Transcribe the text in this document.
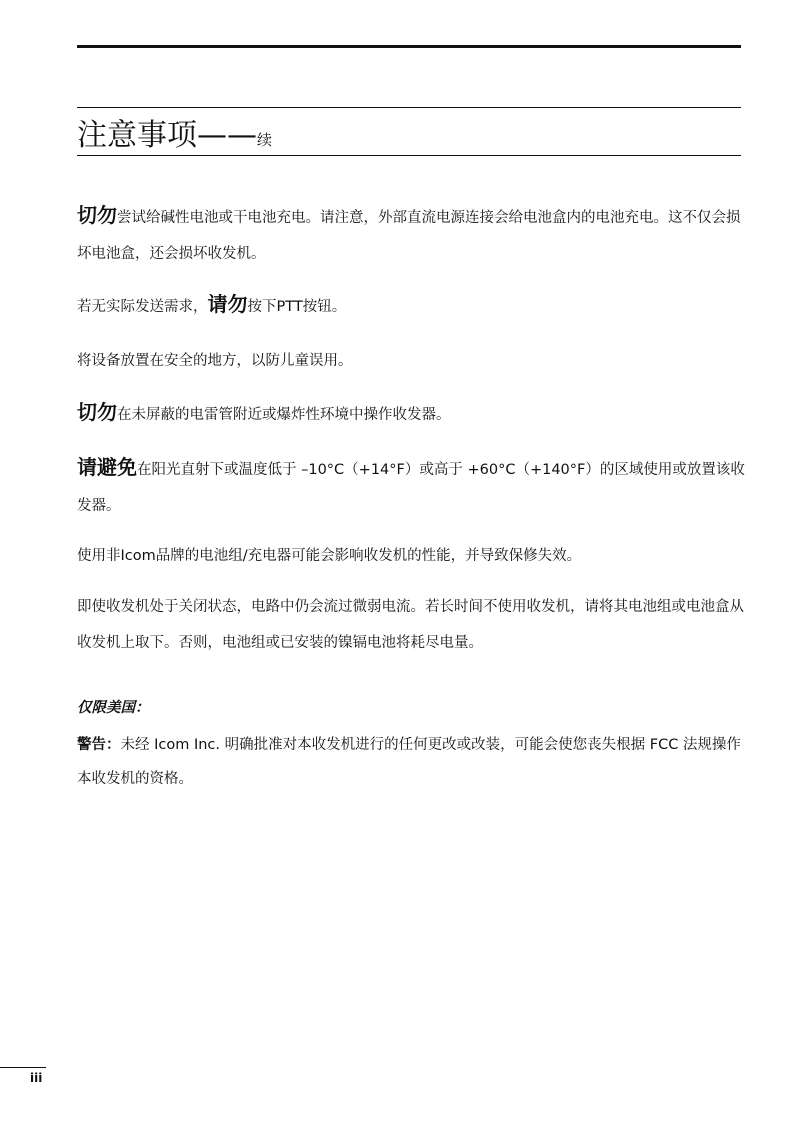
注意事项——续

切勿尝试给碱性电池或干电池充电。请注意，外部直流电源连接会给电池盒内的电池充电。这不仅会损坏电池盒，还会损坏收发机。

若无实际发送需求，请勿按下PTT按钮。

将设备放置在安全的地方，以防儿童误用。

切勿在未屏蔽的电雷管附近或爆炸性环境中操作收发器。

请避免在阳光直射下或温度低于 –10°C（+14°F）或高于 +60°C（+140°F）的区域使用或放置该收发器。

使用非Icom品牌的电池组/充电器可能会影响收发机的性能，并导致保修失效。

即使收发机处于关闭状态，电路中仍会流过微弱电流。若长时间不使用收发机，请将其电池组或电池盒从收发机上取下。否则，电池组或已安装的镍镉电池将耗尽电量。

仅限美国：

警告：未经 Icom Inc. 明确批准对本收发机进行的任何更改或改装，可能会使您丧失根据 FCC 法规操作本收发机的资格。

iii
